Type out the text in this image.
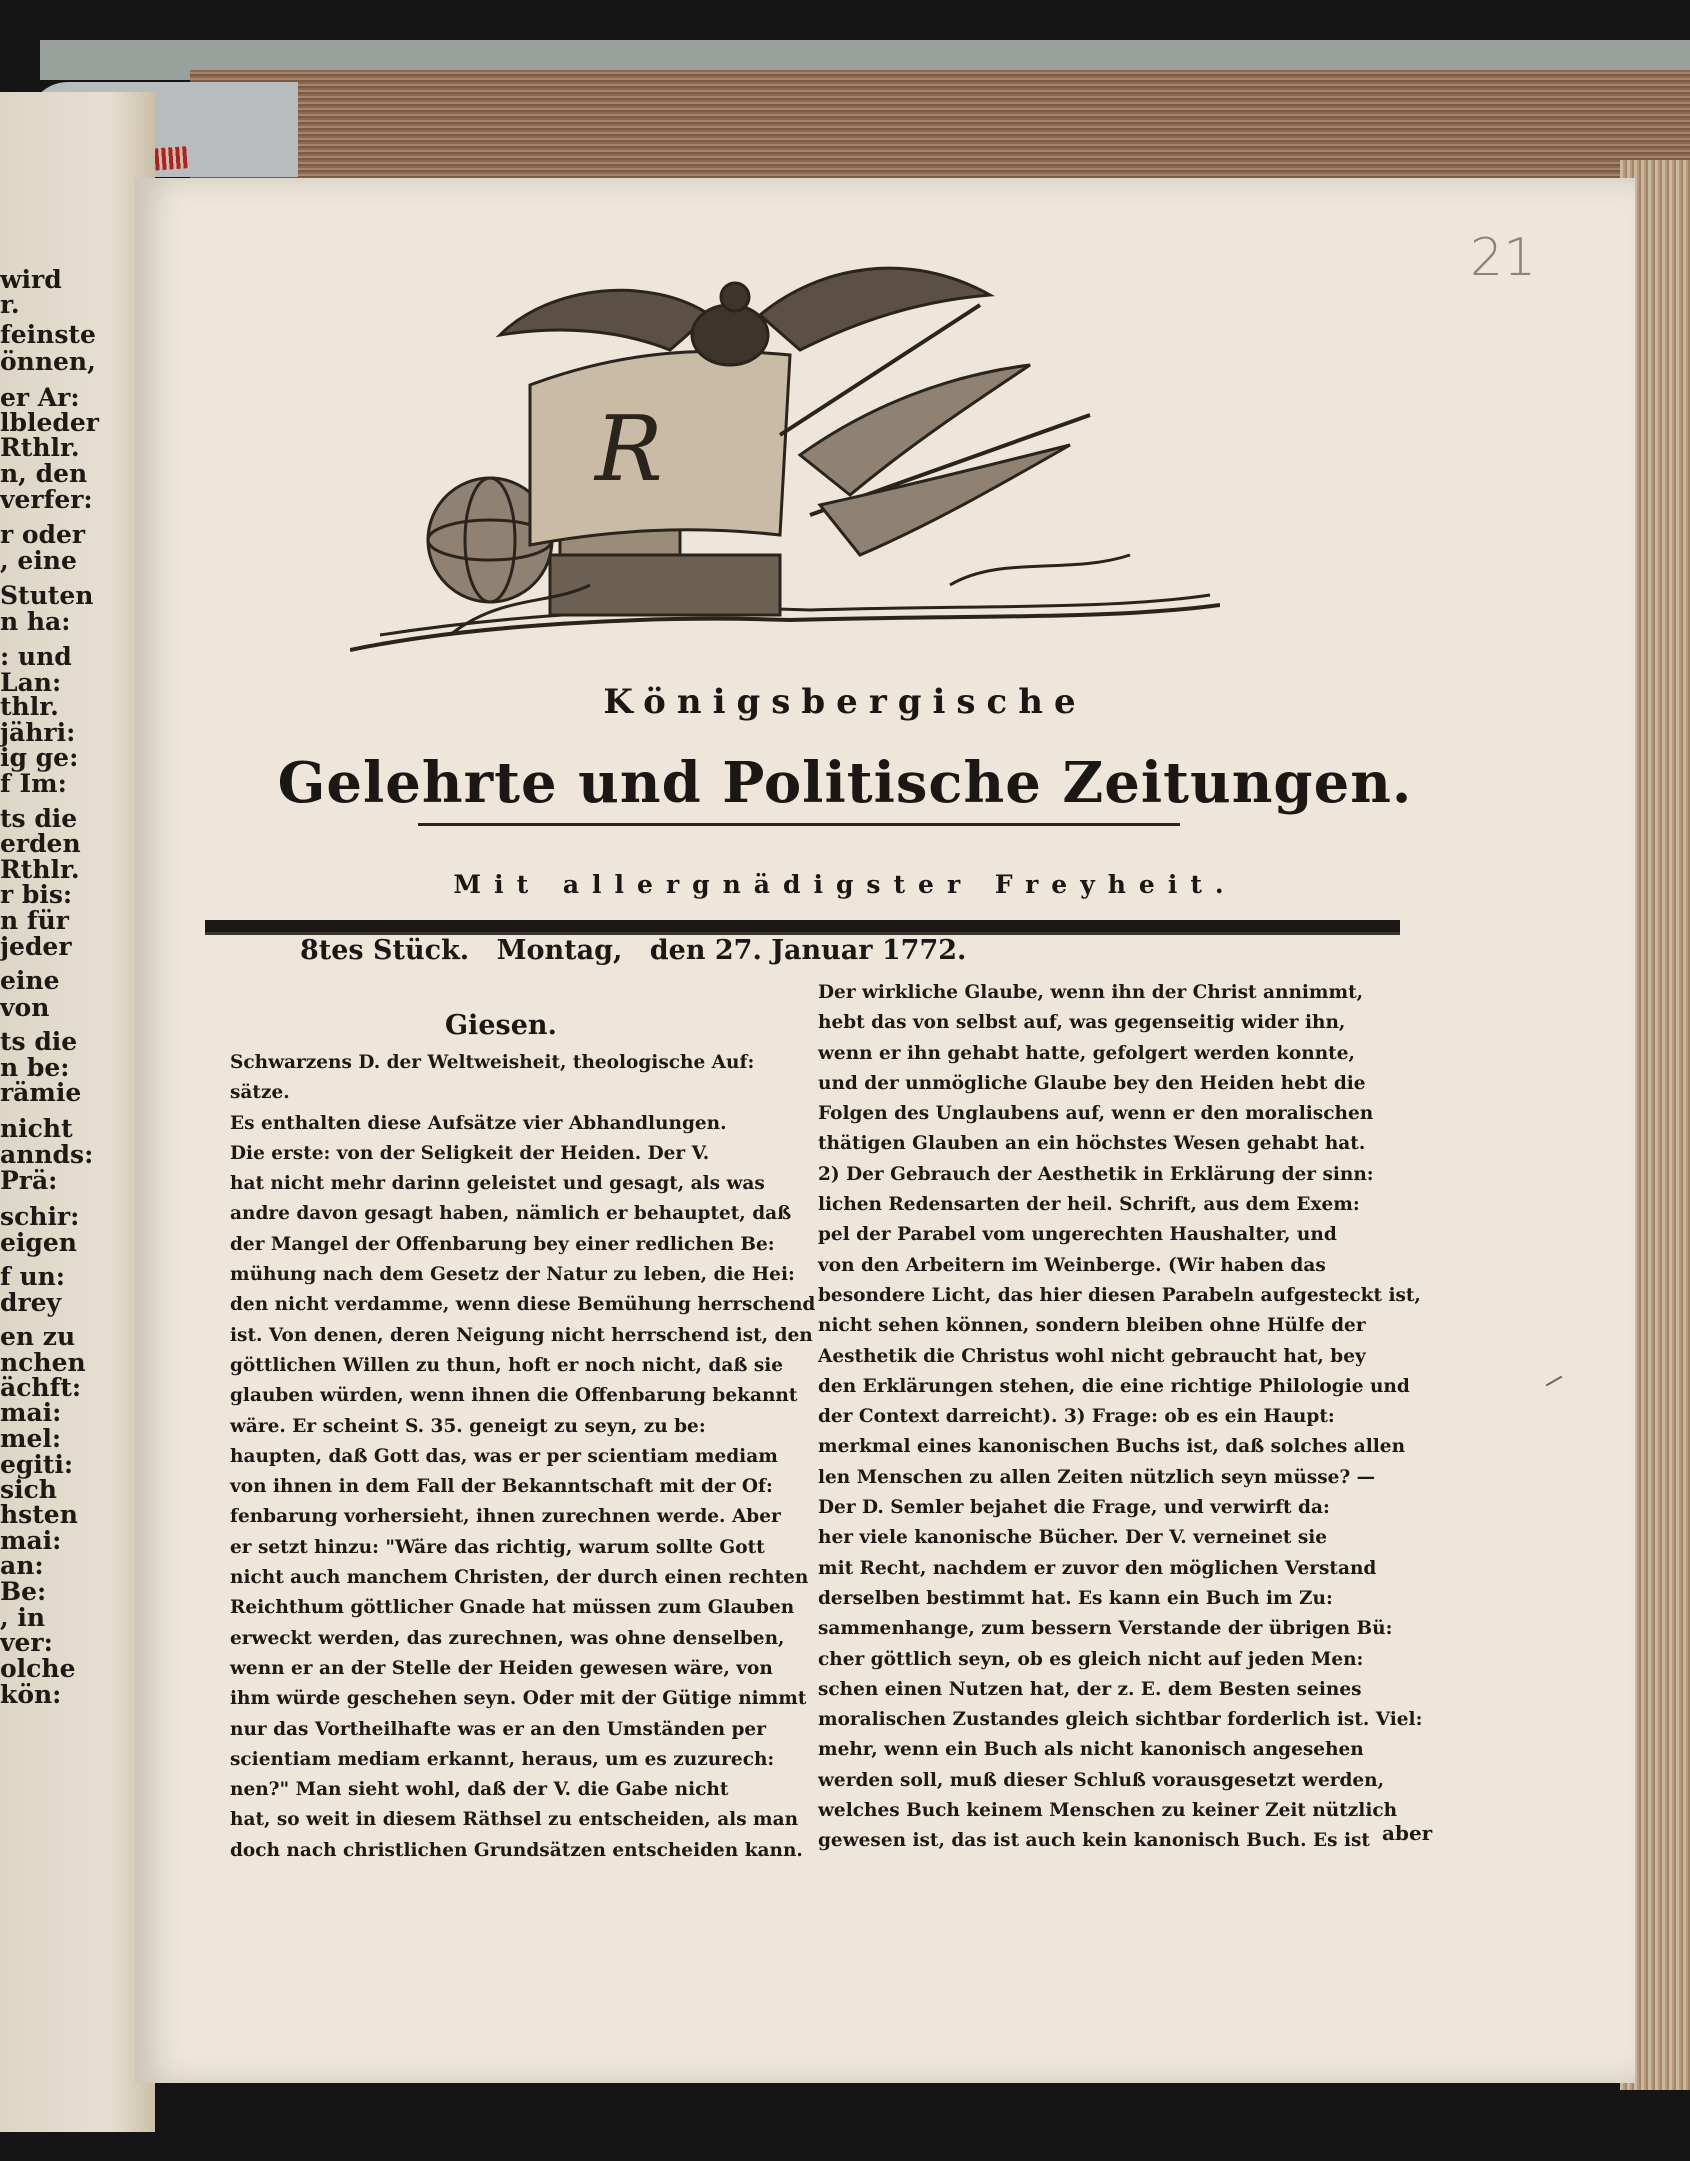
wird
r.
feinste
önnen,
er Ar:
lbleder
Rthlr.
n, den
verfer:
r oder
, eine
Stuten
n ha:
: und
Lan:
thlr.
jähri:
ig ge:
f Im:
ts die
erden
Rthlr.
r bis:
n für
jeder
eine
von
ts die
n be:
rämie
nicht
annds:
Prä:
schir:
eigen
f un:
drey
en zu
nchen
ächft:
mai:
mel:
egiti:
sich
hsten
mai:
an:
Be:
, in
ver:
olche
kön:
21
R
Königsbergische
Gelehrte und Politische Zeitungen.
Mit allergnädigster Freyheit.
8tes Stück. Montag, den 27. Januar 1772.
Giesen.

Schwarzens D. der Weltweisheit, theologische Auf:

sätze.

Es enthalten diese Aufsätze vier Abhandlungen.

Die erste: von der Seligkeit der Heiden. Der V.

hat nicht mehr darinn geleistet und gesagt, als was

andre davon gesagt haben, nämlich er behauptet, daß

der Mangel der Offenbarung bey einer redlichen Be:

mühung nach dem Gesetz der Natur zu leben, die Hei:

den nicht verdamme, wenn diese Bemühung herrschend

ist. Von denen, deren Neigung nicht herrschend ist, den

göttlichen Willen zu thun, hoft er noch nicht, daß sie

glauben würden, wenn ihnen die Offenbarung bekannt

wäre. Er scheint S. 35. geneigt zu seyn, zu be:

haupten, daß Gott das, was er per scientiam mediam

von ihnen in dem Fall der Bekanntschaft mit der Of:

fenbarung vorhersieht, ihnen zurechnen werde. Aber

er setzt hinzu: "Wäre das richtig, warum sollte Gott

nicht auch manchem Christen, der durch einen rechten

Reichthum göttlicher Gnade hat müssen zum Glauben

erweckt werden, das zurechnen, was ohne denselben,

wenn er an der Stelle der Heiden gewesen wäre, von

ihm würde geschehen seyn. Oder mit der Gütige nimmt

nur das Vortheilhafte was er an den Umständen per

scientiam mediam erkannt, heraus, um es zuzurech:

nen?" Man sieht wohl, daß der V. die Gabe nicht

hat, so weit in diesem Räthsel zu entscheiden, als man

doch nach christlichen Grundsätzen entscheiden kann.

Der wirkliche Glaube, wenn ihn der Christ annimmt,

hebt das von selbst auf, was gegenseitig wider ihn,

wenn er ihn gehabt hatte, gefolgert werden konnte,

und der unmögliche Glaube bey den Heiden hebt die

Folgen des Unglaubens auf, wenn er den moralischen

thätigen Glauben an ein höchstes Wesen gehabt hat.

2) Der Gebrauch der Aesthetik in Erklärung der sinn:

lichen Redensarten der heil. Schrift, aus dem Exem:

pel der Parabel vom ungerechten Haushalter, und

von den Arbeitern im Weinberge. (Wir haben das

besondere Licht, das hier diesen Parabeln aufgesteckt ist,

nicht sehen können, sondern bleiben ohne Hülfe der

Aesthetik die Christus wohl nicht gebraucht hat, bey

den Erklärungen stehen, die eine richtige Philologie und

der Context darreicht). 3) Frage: ob es ein Haupt:

merkmal eines kanonischen Buchs ist, daß solches allen

len Menschen zu allen Zeiten nützlich seyn müsse? —

Der D. Semler bejahet die Frage, und verwirft da:

her viele kanonische Bücher. Der V. verneinet sie

mit Recht, nachdem er zuvor den möglichen Verstand

derselben bestimmt hat. Es kann ein Buch im Zu:

sammenhange, zum bessern Verstande der übrigen Bü:

cher göttlich seyn, ob es gleich nicht auf jeden Men:

schen einen Nutzen hat, der z. E. dem Besten seines

moralischen Zustandes gleich sichtbar forderlich ist. Viel:

mehr, wenn ein Buch als nicht kanonisch angesehen

werden soll, muß dieser Schluß vorausgesetzt werden,

welches Buch keinem Menschen zu keiner Zeit nützlich

gewesen ist, das ist auch kein kanonisch Buch. Es ist aber
